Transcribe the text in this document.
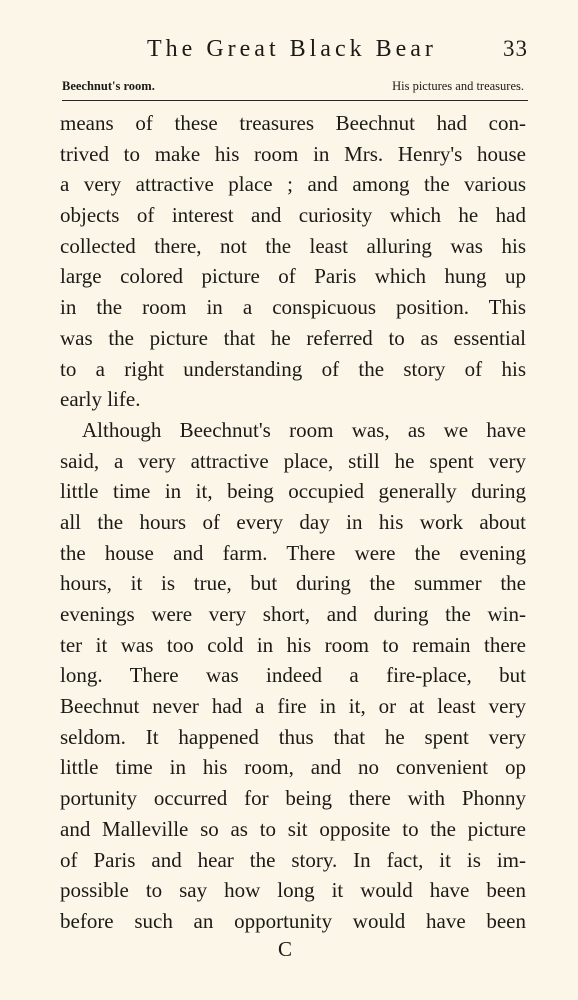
The Great Black Bear	33
Beechnut's room.	His pictures and treasures.
means of these treasures Beechnut had con-
trived to make his room in Mrs. Henry's house
a very attractive place ; and among the various
objects of interest and curiosity which he had
collected there, not the least alluring was his
large colored picture of Paris which hung up
in the room in a conspicuous position. This
was the picture that he referred to as essential
to a right understanding of the story of his
early life.
Although Beechnut's room was, as we have
said, a very attractive place, still he spent very
little time in it, being occupied generally during
all the hours of every day in his work about
the house and farm. There were the evening
hours, it is true, but during the summer the
evenings were very short, and during the win-
ter it was too cold in his room to remain there
long. There was indeed a fire-place, but
Beechnut never had a fire in it, or at least very
seldom. It happened thus that he spent very
little time in his room, and no convenient op
portunity occurred for being there with Phonny
and Malleville so as to sit opposite to the picture
of Paris and hear the story. In fact, it is im-
possible to say how long it would have been
before such an opportunity would have been
C
